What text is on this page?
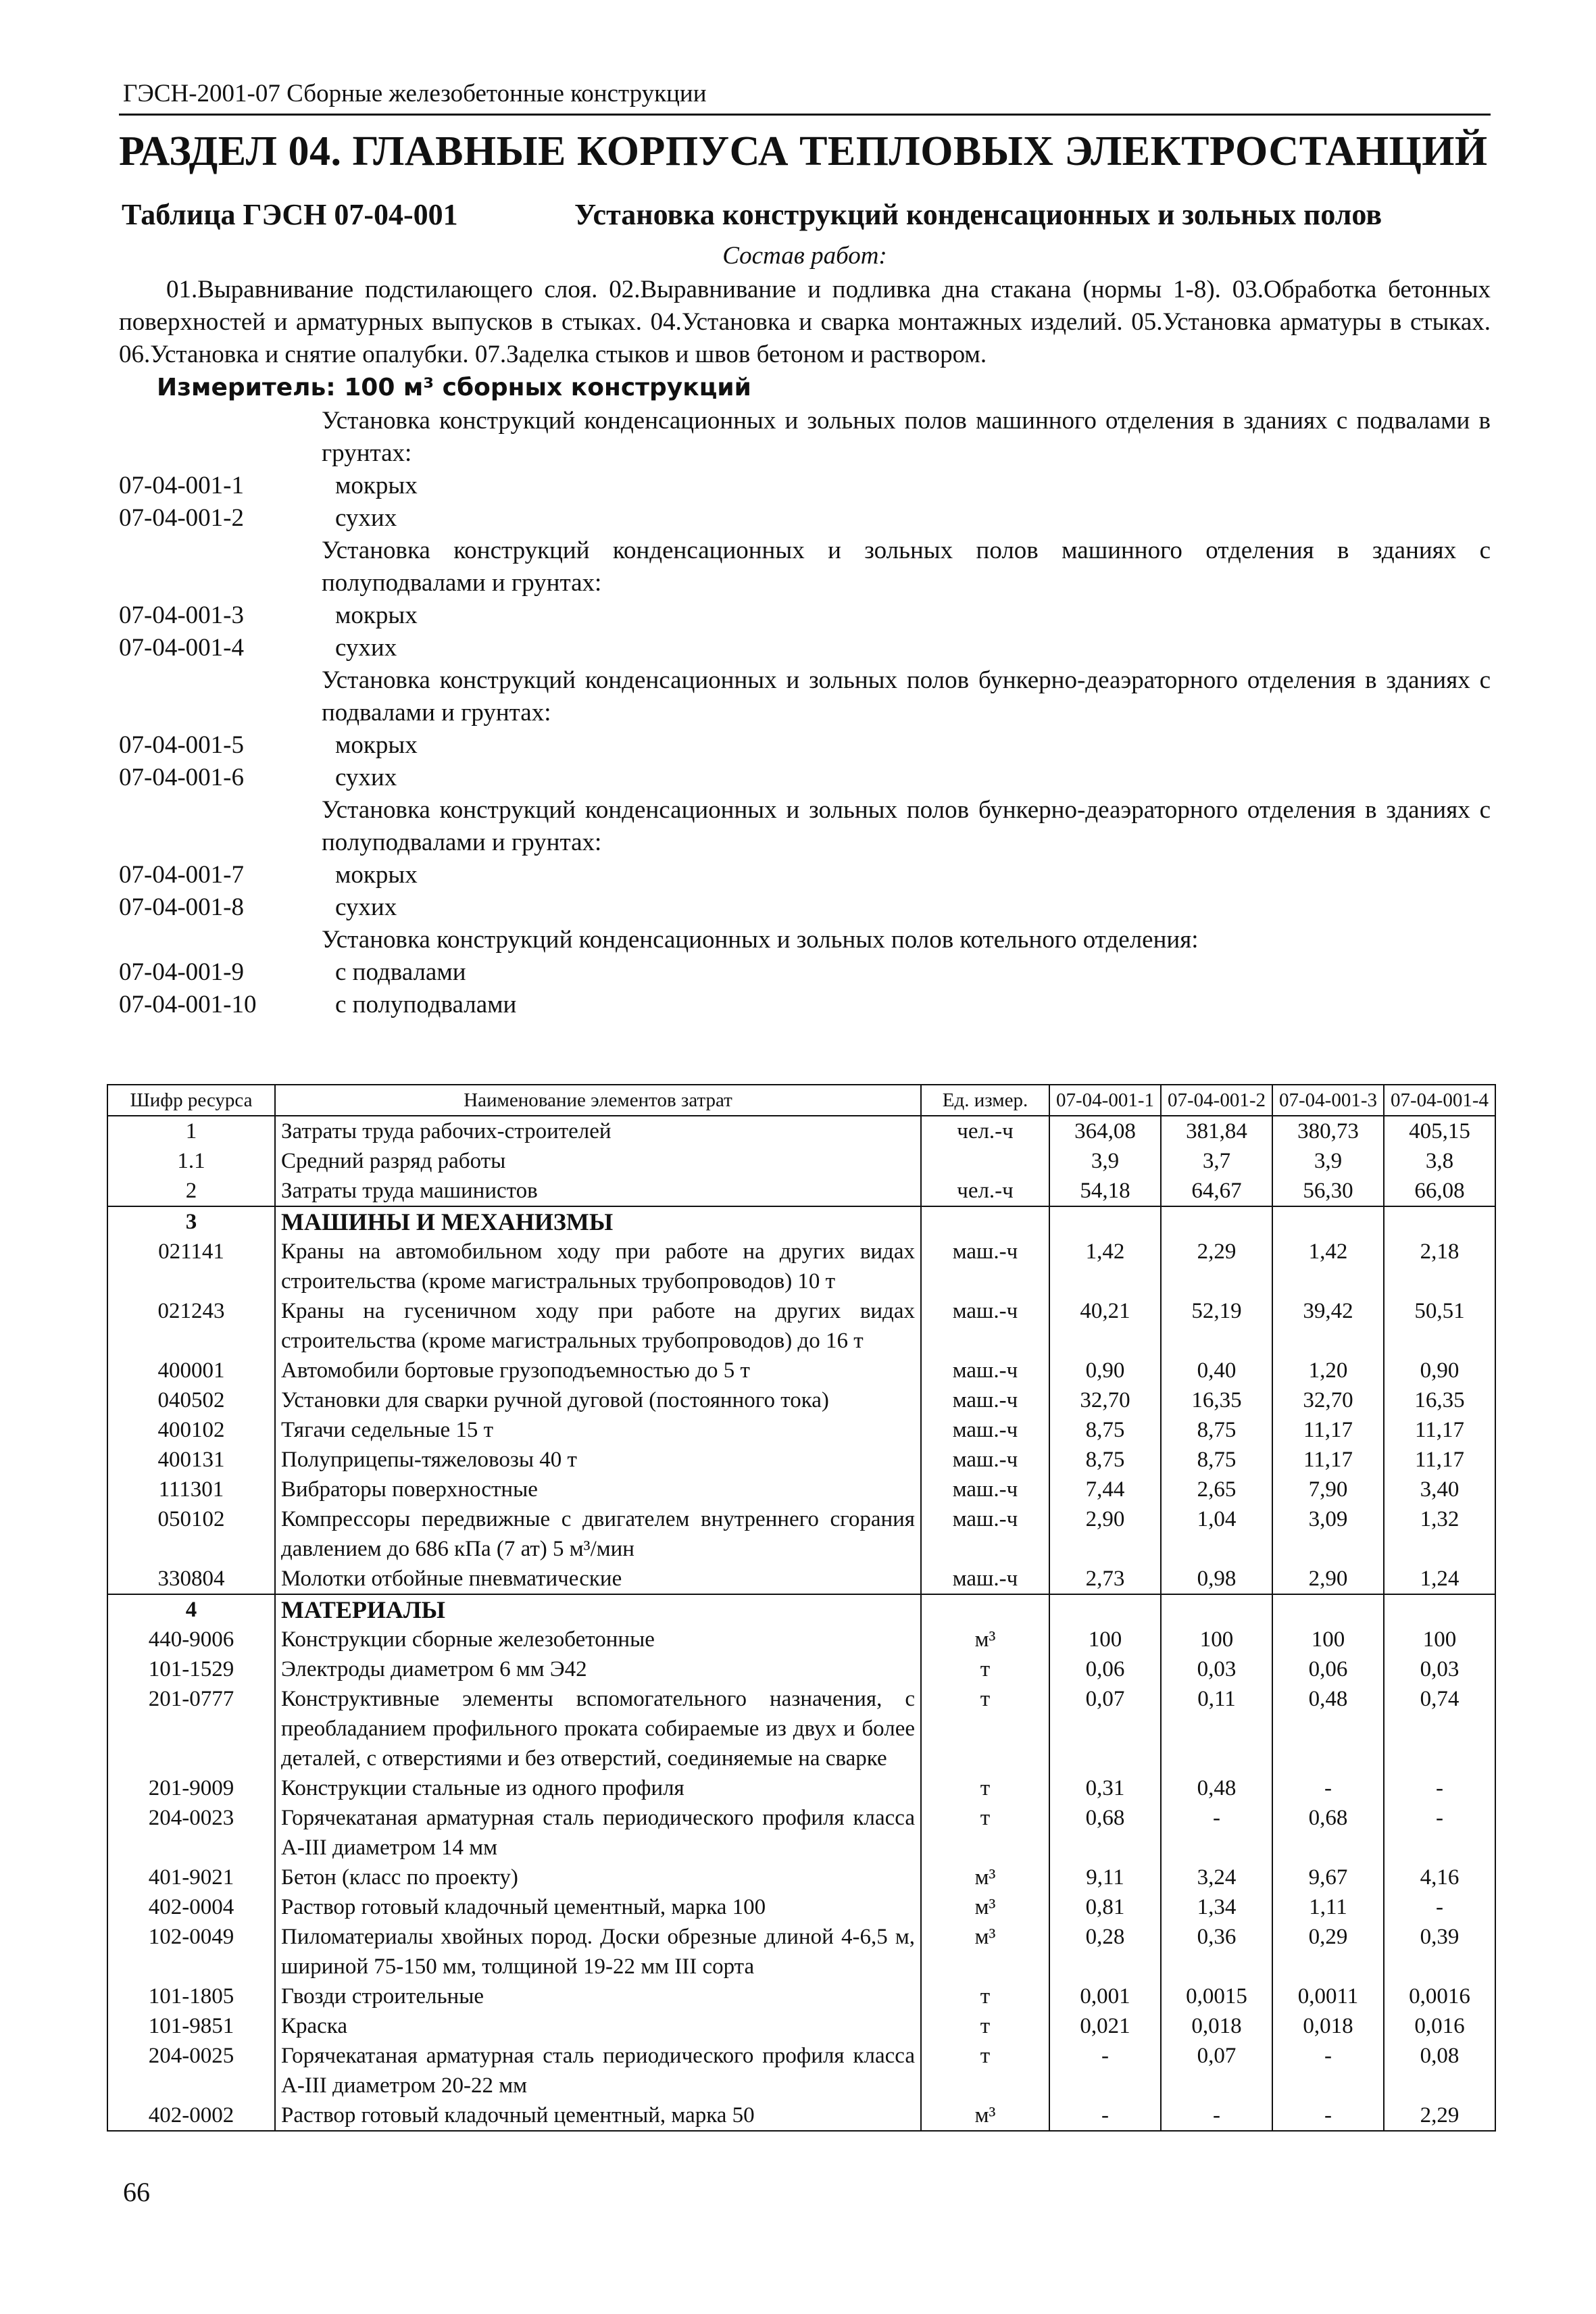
ГЭСН-2001-07 Сборные железобетонные конструкции
РАЗДЕЛ 04. ГЛАВНЫЕ КОРПУСА ТЕПЛОВЫХ ЭЛЕКТРОСТАНЦИЙ
Таблица ГЭСН 07-04-001	Установка конструкций конденсационных и зольных полов
Состав работ:

01.Выравнивание подстилающего слоя. 02.Выравнивание и подливка дна стакана (нормы 1-8). 03.Обработка бетонных поверхностей и арматурных выпусков в стыках. 04.Установка и сварка монтажных изделий. 05.Установка арматуры в стыках. 06.Установка и снятие опалубки. 07.Заделка стыков и швов бетоном и раствором.

Измеритель: 100 м³ сборных конструкций
Установка конструкций конденсационных и зольных полов машинного отделения в зданиях с подвалами в грунтах:
07-04-001-1	мокрых
07-04-001-2	сухих
Установка конструкций конденсационных и зольных полов машинного отделения в зданиях с полуподвалами и грунтах:
07-04-001-3	мокрых
07-04-001-4	сухих
Установка конструкций конденсационных и зольных полов бункерно-деаэраторного отделения в зданиях с подвалами и грунтах:
07-04-001-5	мокрых
07-04-001-6	сухих
Установка конструкций конденсационных и зольных полов бункерно-деаэраторного отделения в зданиях с полуподвалами и грунтах:
07-04-001-7	мокрых
07-04-001-8	сухих
Установка конструкций конденсационных и зольных полов котельного отделения:
07-04-001-9	с подвалами
07-04-001-10	с полуподвалами
Шифр ресурса	Наименование элементов затрат	Ед. измер.	07-04-001-1	07-04-001-2	07-04-001-3	07-04-001-4
1	Затраты труда рабочих-строителей	чел.-ч	364,08	381,84	380,73	405,15
1.1	Средний разряд работы		3,9	3,7	3,9	3,8
2	Затраты труда машинистов	чел.-ч	54,18	64,67	56,30	66,08
3	МАШИНЫ И МЕХАНИЗМЫ					
021141	Краны на автомобильном ходу при работе на других видах строительства (кроме магистральных трубопроводов) 10 т	маш.-ч	1,42	2,29	1,42	2,18
021243	Краны на гусеничном ходу при работе на других видах строительства (кроме магистральных трубопроводов) до 16 т	маш.-ч	40,21	52,19	39,42	50,51
400001	Автомобили бортовые грузоподъемностью до 5 т	маш.-ч	0,90	0,40	1,20	0,90
040502	Установки для сварки ручной дуговой (постоянного тока)	маш.-ч	32,70	16,35	32,70	16,35
400102	Тягачи седельные 15 т	маш.-ч	8,75	8,75	11,17	11,17
400131	Полуприцепы-тяжеловозы 40 т	маш.-ч	8,75	8,75	11,17	11,17
111301	Вибраторы поверхностные	маш.-ч	7,44	2,65	7,90	3,40
050102	Компрессоры передвижные с двигателем внутреннего сгорания давлением до 686 кПа (7 ат) 5 м³/мин	маш.-ч	2,90	1,04	3,09	1,32
330804	Молотки отбойные пневматические	маш.-ч	2,73	0,98	2,90	1,24
4	МАТЕРИАЛЫ					
440-9006	Конструкции сборные железобетонные	м³	100	100	100	100
101-1529	Электроды диаметром 6 мм Э42	т	0,06	0,03	0,06	0,03
201-0777	Конструктивные элементы вспомогательного назначения, с преобладанием профильного проката собираемые из двух и более деталей, с отверстиями и без отверстий, соединяемые на сварке	т	0,07	0,11	0,48	0,74
201-9009	Конструкции стальные из одного профиля	т	0,31	0,48	-	-
204-0023	Горячекатаная арматурная сталь периодического профиля класса А-III диаметром 14 мм	т	0,68	-	0,68	-
401-9021	Бетон (класс по проекту)	м³	9,11	3,24	9,67	4,16
402-0004	Раствор готовый кладочный цементный, марка 100	м³	0,81	1,34	1,11	-
102-0049	Пиломатериалы хвойных пород. Доски обрезные длиной 4-6,5 м, шириной 75-150 мм, толщиной 19-22 мм III сорта	м³	0,28	0,36	0,29	0,39
101-1805	Гвозди строительные	т	0,001	0,0015	0,0011	0,0016
101-9851	Краска	т	0,021	0,018	0,018	0,016
204-0025	Горячекатаная арматурная сталь периодического профиля класса А-III диаметром 20-22 мм	т	-	0,07	-	0,08
402-0002	Раствор готовый кладочный цементный, марка 50	м³	-	-	-	2,29
66
